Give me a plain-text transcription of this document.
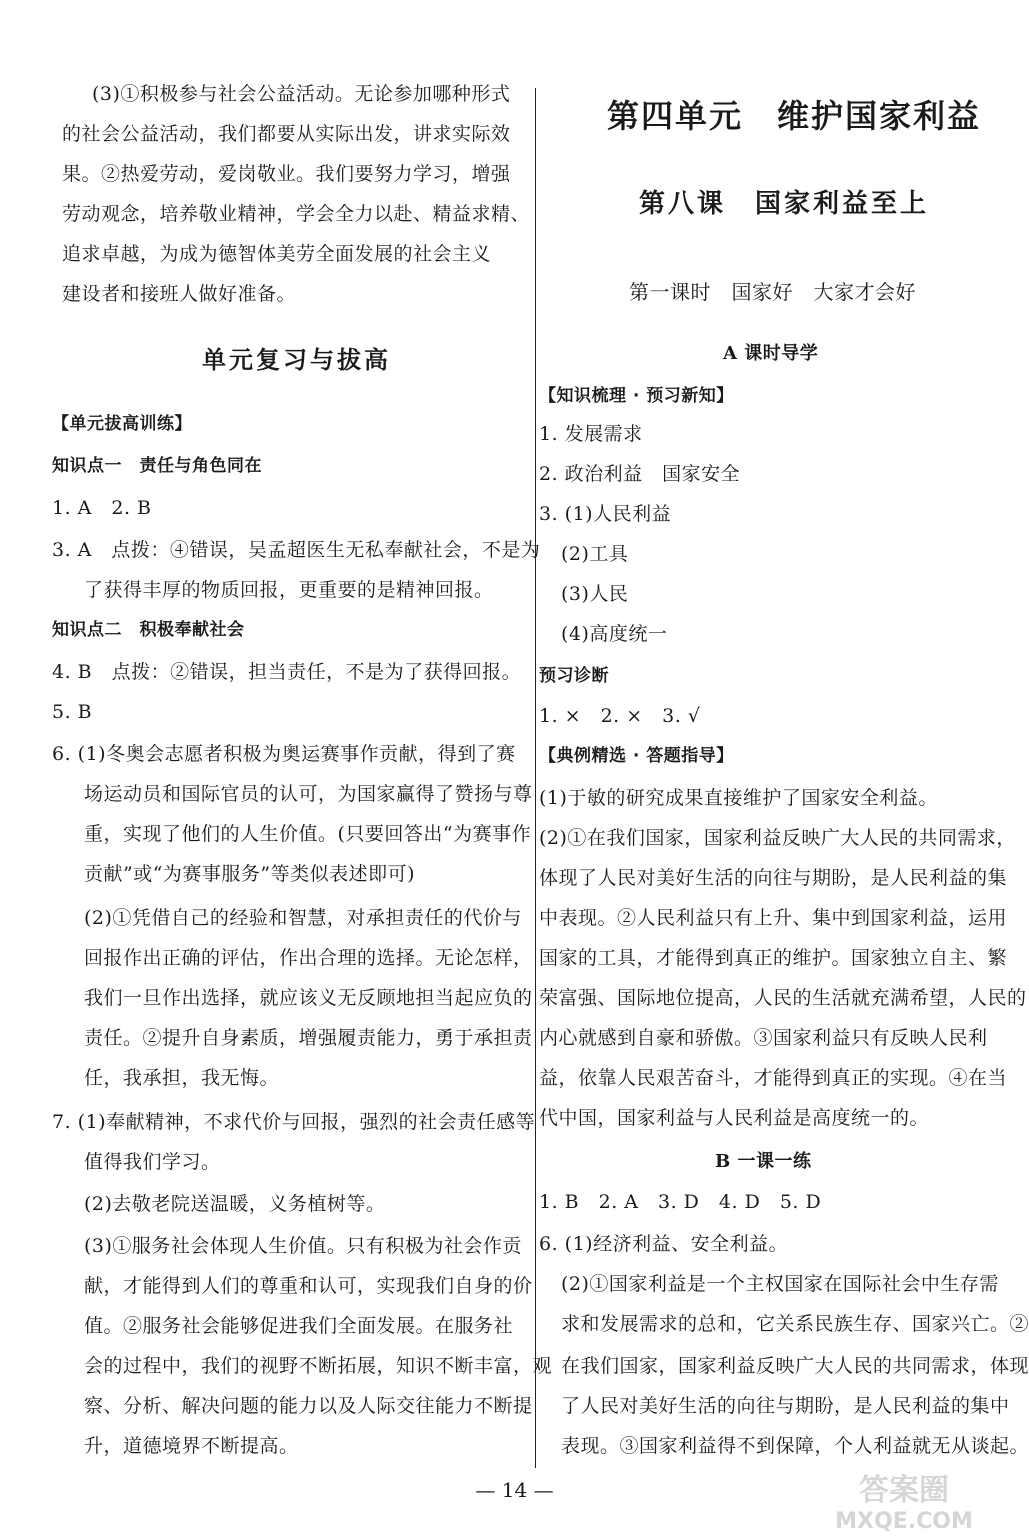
(3)①积极参与社会公益活动。无论参加哪种形式
的社会公益活动，我们都要从实际出发，讲求实际效
果。②热爱劳动，爱岗敬业。我们要努力学习，增强
劳动观念，培养敬业精神，学会全力以赴、精益求精、
追求卓越，为成为德智体美劳全面发展的社会主义
建设者和接班人做好准备。
单元复习与拔高
【单元拔高训练】
知识点一　责任与角色同在
1. A　2. B
3. A　点拨：④错误，吴孟超医生无私奉献社会，不是为
了获得丰厚的物质回报，更重要的是精神回报。
知识点二　积极奉献社会
4. B　点拨：②错误，担当责任，不是为了获得回报。
5. B
6. (1)冬奥会志愿者积极为奥运赛事作贡献，得到了赛
场运动员和国际官员的认可，为国家赢得了赞扬与尊
重，实现了他们的人生价值。(只要回答出“为赛事作
贡献”或“为赛事服务”等类似表述即可)
(2)①凭借自己的经验和智慧，对承担责任的代价与
回报作出正确的评估，作出合理的选择。无论怎样，
我们一旦作出选择，就应该义无反顾地担当起应负的
责任。②提升自身素质，增强履责能力，勇于承担责
任，我承担，我无悔。
7. (1)奉献精神，不求代价与回报，强烈的社会责任感等
值得我们学习。
(2)去敬老院送温暖，义务植树等。
(3)①服务社会体现人生价值。只有积极为社会作贡
献，才能得到人们的尊重和认可，实现我们自身的价
值。②服务社会能够促进我们全面发展。在服务社
会的过程中，我们的视野不断拓展，知识不断丰富，观
察、分析、解决问题的能力以及人际交往能力不断提
升，道德境界不断提高。
第四单元　维护国家利益
第八课　国家利益至上
第一课时　国家好　大家才会好
A 课时导学
【知识梳理 · 预习新知】
1. 发展需求
2. 政治利益　国家安全
3. (1)人民利益
(2)工具
(3)人民
(4)高度统一
预习诊断
1. ×　2. ×　3. √
【典例精选 · 答题指导】
(1)于敏的研究成果直接维护了国家安全利益。
(2)①在我们国家，国家利益反映广大人民的共同需求，
体现了人民对美好生活的向往与期盼，是人民利益的集
中表现。②人民利益只有上升、集中到国家利益，运用
国家的工具，才能得到真正的维护。国家独立自主、繁
荣富强、国际地位提高，人民的生活就充满希望，人民的
内心就感到自豪和骄傲。③国家利益只有反映人民利
益，依靠人民艰苦奋斗，才能得到真正的实现。④在当
代中国，国家利益与人民利益是高度统一的。
B 一课一练
1. B　2. A　3. D　4. D　5. D
6. (1)经济利益、安全利益。
(2)①国家利益是一个主权国家在国际社会中生存需
求和发展需求的总和，它关系民族生存、国家兴亡。②
在我们国家，国家利益反映广大人民的共同需求，体现
了人民对美好生活的向往与期盼，是人民利益的集中
表现。③国家利益得不到保障，个人利益就无从谈起。
— 14 —	答案圈
MXQE.COM
